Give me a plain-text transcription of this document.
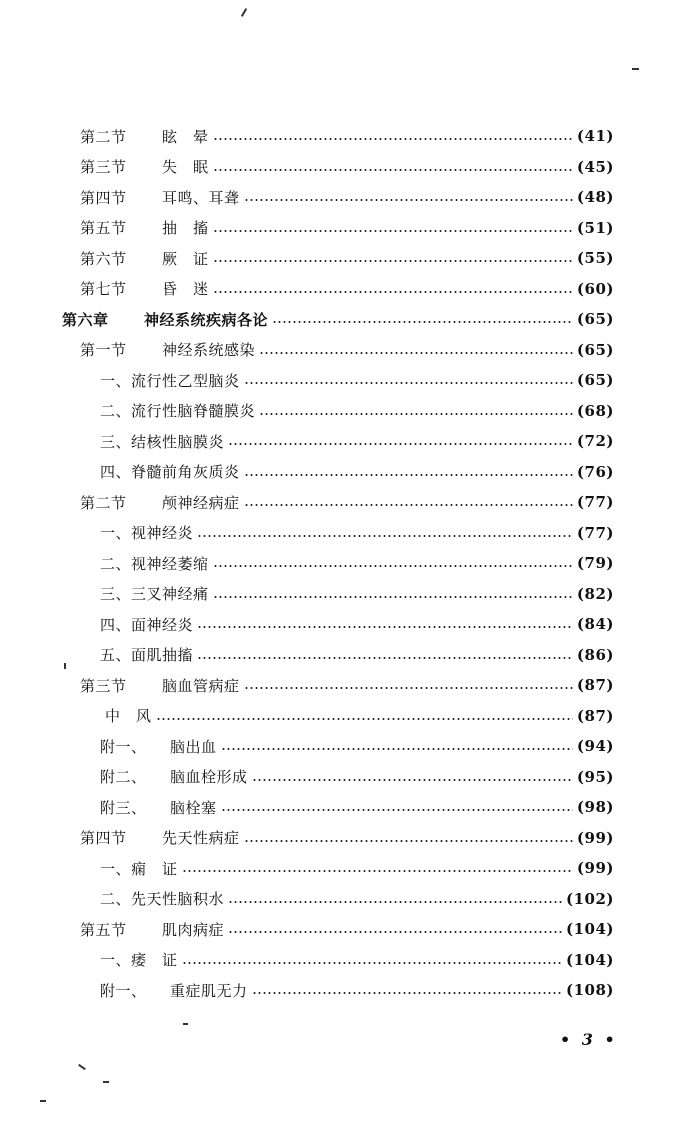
第二节	眩　晕	(41)
第三节	失　眠	(45)
第四节	耳鸣、耳聋	(48)
第五节	抽　搐	(51)
第六节	厥　证	(55)
第七节	昏　迷	(60)
第六章	神经系统疾病各论	(65)
第一节	神经系统感染	(65)
一、流行性乙型脑炎	(65)
二、流行性脑脊髓膜炎	(68)
三、结核性脑膜炎	(72)
四、脊髓前角灰质炎	(76)
第二节	颅神经病症	(77)
一、视神经炎	(77)
二、视神经萎缩	(79)
三、三叉神经痛	(82)
四、面神经炎	(84)
五、面肌抽搐	(86)
第三节	脑血管病症	(87)
中　风	(87)
附一、	脑出血	(94)
附二、	脑血栓形成	(95)
附三、	脑栓塞	(98)
第四节	先天性病症	(99)
一、痫　证	(99)
二、先天性脑积水	(102)
第五节	肌肉病症	(104)
一、痿　证	(104)
附一、	重症肌无力	(108)
• 3 •
